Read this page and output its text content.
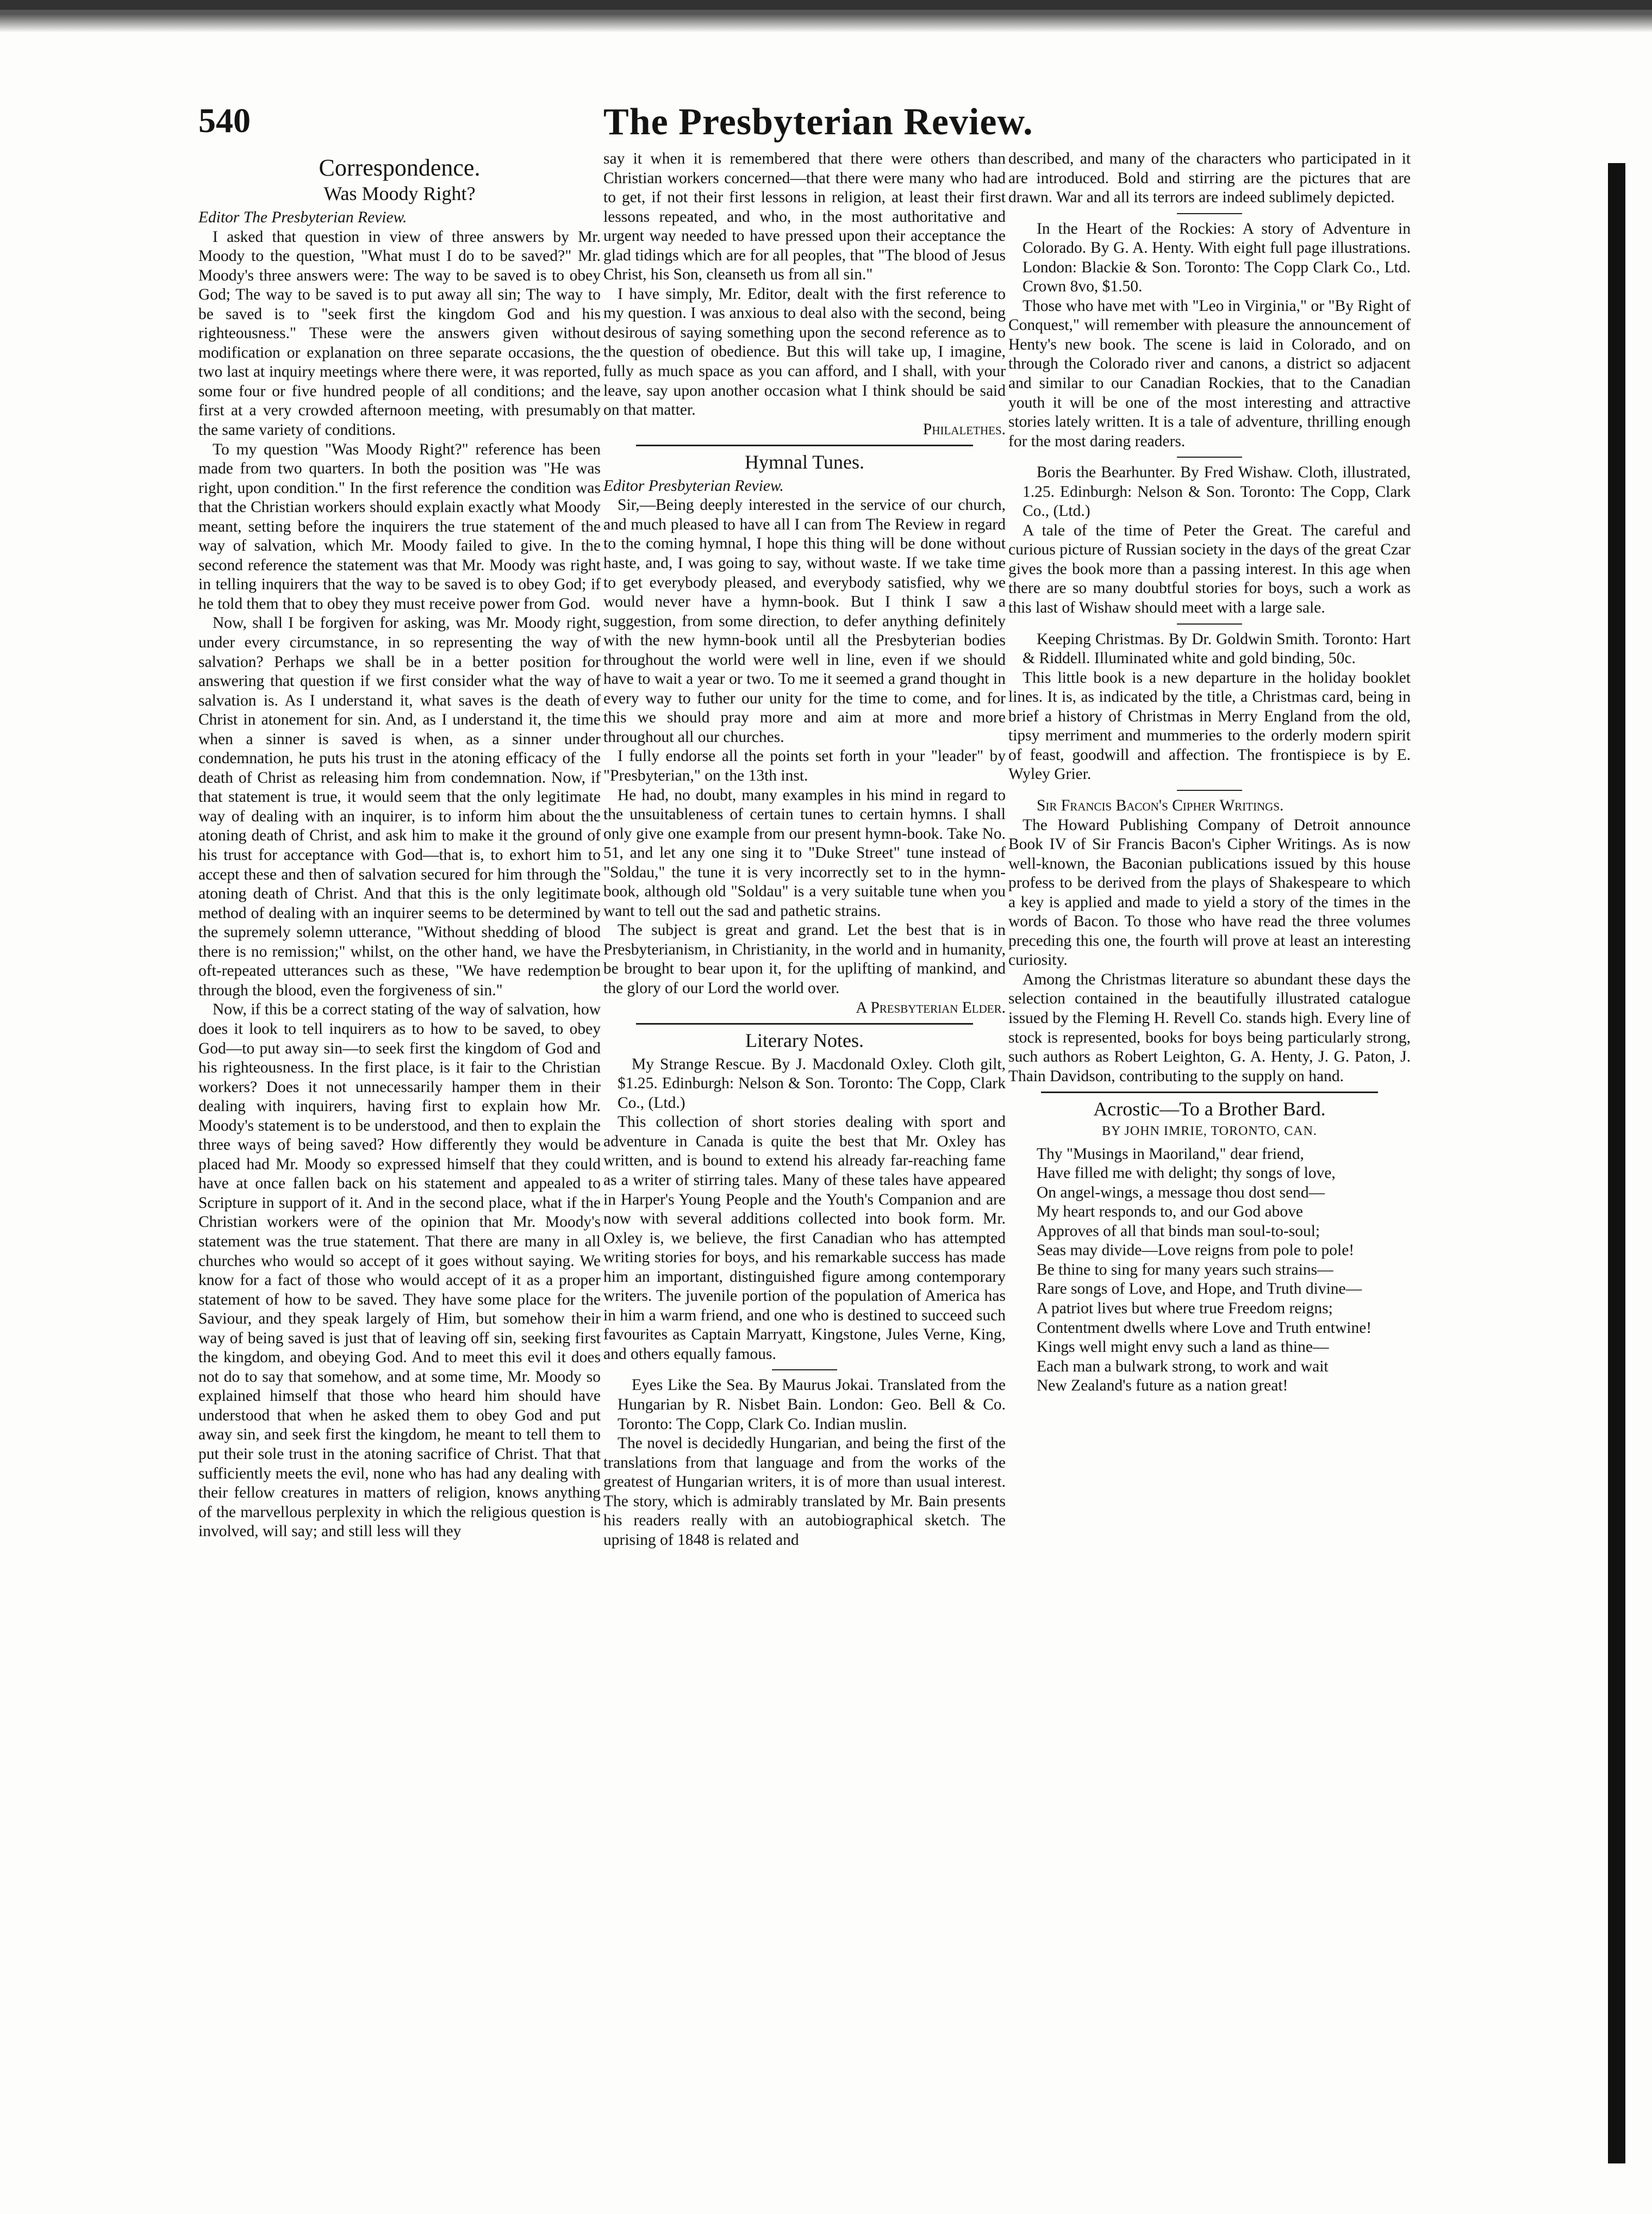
540	The Presbyterian Review.
Correspondence.
Was Moody Right?

Editor The Presbyterian Review.

I asked that question in view of three answers by Mr. Moody to the question, "What must I do to be saved?" Mr. Moody's three answers were: The way to be saved is to obey God; The way to be saved is to put away all sin; The way to be saved is to "seek first the kingdom God and his righteousness." These were the answers given without modification or explanation on three separate occasions, the two last at inquiry meetings where there were, it was reported, some four or five hundred people of all conditions; and the first at a very crowded afternoon meeting, with presumably the same variety of conditions.

To my question "Was Moody Right?" reference has been made from two quarters. In both the position was "He was right, upon condition." In the first reference the condition was that the Christian workers should explain exactly what Moody meant, setting before the inquirers the true statement of the way of salvation, which Mr. Moody failed to give. In the second reference the statement was that Mr. Moody was right in telling inquirers that the way to be saved is to obey God; if he told them that to obey they must receive power from God.

Now, shall I be forgiven for asking, was Mr. Moody right, under every circumstance, in so representing the way of salvation? Perhaps we shall be in a better position for answering that question if we first consider what the way of salvation is. As I understand it, what saves is the death of Christ in atonement for sin. And, as I understand it, the time when a sinner is saved is when, as a sinner under condemnation, he puts his trust in the atoning efficacy of the death of Christ as releasing him from condemnation. Now, if that statement is true, it would seem that the only legitimate way of dealing with an inquirer, is to inform him about the atoning death of Christ, and ask him to make it the ground of his trust for acceptance with God—that is, to exhort him to accept these and then of salvation secured for him through the atoning death of Christ. And that this is the only legitimate method of dealing with an inquirer seems to be determined by the supremely solemn utterance, "Without shedding of blood there is no remission;" whilst, on the other hand, we have the oft-repeated utterances such as these, "We have redemption through the blood, even the forgiveness of sin."

Now, if this be a correct stating of the way of salvation, how does it look to tell inquirers as to how to be saved, to obey God—to put away sin—to seek first the kingdom of God and his righteousness. In the first place, is it fair to the Christian workers? Does it not unnecessarily hamper them in their dealing with inquirers, having first to explain how Mr. Moody's statement is to be understood, and then to explain the three ways of being saved? How differently they would be placed had Mr. Moody so expressed himself that they could have at once fallen back on his statement and appealed to Scripture in support of it. And in the second place, what if the Christian workers were of the opinion that Mr. Moody's statement was the true statement. That there are many in all churches who would so accept of it goes without saying. We know for a fact of those who would accept of it as a proper statement of how to be saved. They have some place for the Saviour, and they speak largely of Him, but somehow their way of being saved is just that of leaving off sin, seeking first the kingdom, and obeying God. And to meet this evil it does not do to say that somehow, and at some time, Mr. Moody so explained himself that those who heard him should have understood that when he asked them to obey God and put away sin, and seek first the kingdom, he meant to tell them to put their sole trust in the atoning sacrifice of Christ. That that sufficiently meets the evil, none who has had any dealing with their fellow creatures in matters of religion, knows anything of the marvellous perplexity in which the religious question is involved, will say; and still less will they

say it when it is remembered that there were others than Christian workers concerned—that there were many who had to get, if not their first lessons in religion, at least their first lessons repeated, and who, in the most authoritative and urgent way needed to have pressed upon their acceptance the glad tidings which are for all peoples, that "The blood of Jesus Christ, his Son, cleanseth us from all sin."

I have simply, Mr. Editor, dealt with the first reference to my question. I was anxious to deal also with the second, being desirous of saying something upon the second reference as to the question of obedience. But this will take up, I imagine, fully as much space as you can afford, and I shall, with your leave, say upon another occasion what I think should be said on that matter.

Philalethes.

Hymnal Tunes.

Editor Presbyterian Review.

Sir,—Being deeply interested in the service of our church, and much pleased to have all I can from The Review in regard to the coming hymnal, I hope this thing will be done without haste, and, I was going to say, without waste. If we take time to get everybody pleased, and everybody satisfied, why we would never have a hymn-book. But I think I saw a suggestion, from some direction, to defer anything definitely with the new hymn-book until all the Presbyterian bodies throughout the world were well in line, even if we should have to wait a year or two. To me it seemed a grand thought in every way to futher our unity for the time to come, and for this we should pray more and aim at more and more throughout all our churches.

I fully endorse all the points set forth in your "leader" by "Presbyterian," on the 13th inst.

He had, no doubt, many examples in his mind in regard to the unsuitableness of certain tunes to certain hymns. I shall only give one example from our present hymn-book. Take No. 51, and let any one sing it to "Duke Street" tune instead of "Soldau," the tune it is very incorrectly set to in the hymn-book, although old "Soldau" is a very suitable tune when you want to tell out the sad and pathetic strains.

The subject is great and grand. Let the best that is in Presbyterianism, in Christianity, in the world and in humanity, be brought to bear upon it, for the uplifting of mankind, and the glory of our Lord the world over.

A Presbyterian Elder.

Literary Notes.

My Strange Rescue. By J. Macdonald Oxley. Cloth gilt, $1.25. Edinburgh: Nelson & Son. Toronto: The Copp, Clark Co., (Ltd.)

This collection of short stories dealing with sport and adventure in Canada is quite the best that Mr. Oxley has written, and is bound to extend his already far-reaching fame as a writer of stirring tales. Many of these tales have appeared in Harper's Young People and the Youth's Companion and are now with several additions collected into book form. Mr. Oxley is, we believe, the first Canadian who has attempted writing stories for boys, and his remarkable success has made him an important, distinguished figure among contemporary writers. The juvenile portion of the population of America has in him a warm friend, and one who is destined to succeed such favourites as Captain Marryatt, Kingstone, Jules Verne, King, and others equally famous.

Eyes Like the Sea. By Maurus Jokai. Translated from the Hungarian by R. Nisbet Bain. London: Geo. Bell & Co. Toronto: The Copp, Clark Co. Indian muslin.

The novel is decidedly Hungarian, and being the first of the translations from that language and from the works of the greatest of Hungarian writers, it is of more than usual interest. The story, which is admirably translated by Mr. Bain presents his readers really with an autobiographical sketch. The uprising of 1848 is related and

described, and many of the characters who participated in it are introduced. Bold and stirring are the pictures that are drawn. War and all its terrors are indeed sublimely depicted.

In the Heart of the Rockies: A story of Adventure in Colorado. By G. A. Henty. With eight full page illustrations. London: Blackie & Son. Toronto: The Copp Clark Co., Ltd. Crown 8vo, $1.50.

Those who have met with "Leo in Virginia," or "By Right of Conquest," will remember with pleasure the announcement of Henty's new book. The scene is laid in Colorado, and on through the Colorado river and canons, a district so adjacent and similar to our Canadian Rockies, that to the Canadian youth it will be one of the most interesting and attractive stories lately written. It is a tale of adventure, thrilling enough for the most daring readers.

Boris the Bearhunter. By Fred Wishaw. Cloth, illustrated, 1.25. Edinburgh: Nelson & Son. Toronto: The Copp, Clark Co., (Ltd.)

A tale of the time of Peter the Great. The careful and curious picture of Russian society in the days of the great Czar gives the book more than a passing interest. In this age when there are so many doubtful stories for boys, such a work as this last of Wishaw should meet with a large sale.

Keeping Christmas. By Dr. Goldwin Smith. Toronto: Hart & Riddell. Illuminated white and gold binding, 50c.

This little book is a new departure in the holiday booklet lines. It is, as indicated by the title, a Christmas card, being in brief a history of Christmas in Merry England from the old, tipsy merriment and mummeries to the orderly modern spirit of feast, goodwill and affection. The frontispiece is by E. Wyley Grier.

Sir Francis Bacon's Cipher Writings.

The Howard Publishing Company of Detroit announce Book IV of Sir Francis Bacon's Cipher Writings. As is now well-known, the Baconian publications issued by this house profess to be derived from the plays of Shakespeare to which a key is applied and made to yield a story of the times in the words of Bacon. To those who have read the three volumes preceding this one, the fourth will prove at least an interesting curiosity.

Among the Christmas literature so abundant these days the selection contained in the beautifully illustrated catalogue issued by the Fleming H. Revell Co. stands high. Every line of stock is represented, books for boys being particularly strong, such authors as Robert Leighton, G. A. Henty, J. G. Paton, J. Thain Davidson, contributing to the supply on hand.

Acrostic—To a Brother Bard.
BY JOHN IMRIE, TORONTO, CAN.

Thy "Musings in Maoriland," dear friend,

Have filled me with delight; thy songs of love,

On angel-wings, a message thou dost send—

My heart responds to, and our God above

Approves of all that binds man soul-to-soul;

Seas may divide—Love reigns from pole to pole!

Be thine to sing for many years such strains—

Rare songs of Love, and Hope, and Truth divine—

A patriot lives but where true Freedom reigns;

Contentment dwells where Love and Truth entwine!

Kings well might envy such a land as thine—

Each man a bulwark strong, to work and wait

New Zealand's future as a nation great!
